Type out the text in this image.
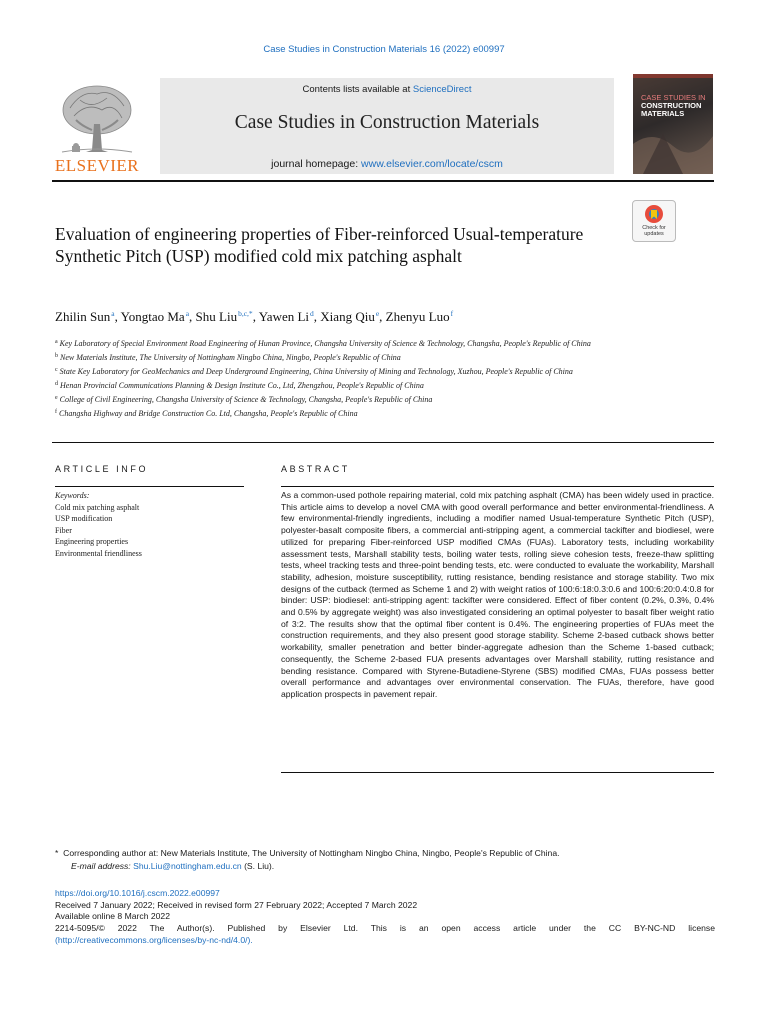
Case Studies in Construction Materials 16 (2022) e00997
ELSEVIER
Contents lists available at ScienceDirect
Case Studies in Construction Materials
journal homepage: www.elsevier.com/locate/cscm
CASE STUDIES IN
CONSTRUCTION MATERIALS
Check for updates
Evaluation of engineering properties of Fiber-reinforced Usual-temperature Synthetic Pitch (USP) modified cold mix patching asphalt
Zhilin Sun$^a$, Yongtao Ma$^a$, Shu Liu$^{b,c,*}$, Yawen Li$^d$, Xiang Qiu$^e$, Zhenyu Luo$^f$
$^a$ Key Laboratory of Special Environment Road Engineering of Hunan Province, Changsha University of Science & Technology, Changsha, People's Republic of China
$^b$ New Materials Institute, The University of Nottingham Ningbo China, Ningbo, People's Republic of China
$^c$ State Key Laboratory for GeoMechanics and Deep Underground Engineering, China University of Mining and Technology, Xuzhou, People's Republic of China
$^d$ Henan Provincial Communications Planning & Design Institute Co., Ltd, Zhengzhou, People's Republic of China
$^e$ College of Civil Engineering, Changsha University of Science & Technology, Changsha, People's Republic of China
$^f$ Changsha Highway and Bridge Construction Co. Ltd, Changsha, People's Republic of China
ARTICLE INFO	ABSTRACT
Keywords:
Cold mix patching asphalt
USP modification
Fiber
Engineering properties
Environmental friendliness
As a common-used pothole repairing material, cold mix patching asphalt (CMA) has been widely used in practice. This article aims to develop a novel CMA with good overall performance and better environmental-friendliness. A few environmental-friendly ingredients, including a modifier named Usual-temperature Synthetic Pitch (USP), polyester-basalt composite fibers, a commercial anti-stripping agent, a commercial tackifter and biodiesel, were utilized for preparing Fiber-reinforced USP modified CMAs (FUAs). Laboratory tests, including workability assessment tests, Marshall stability tests, boiling water tests, rolling sieve cohesion tests, freeze-thaw splitting tests, wheel tracking tests and three-point bending tests, etc. were conducted to evaluate the workability, Marshall stability, adhesion, moisture susceptibility, rutting resistance, bending resistance and storage stability. Two mix designs of the cutback (termed as Scheme 1 and 2) with weight ratios of 100:6:18:0.3:0.6 and 100:6:20:0.4:0.8 for binder: USP: biodiesel: anti-stripping agent: tackifter were considered. Effect of fiber content (0.2%, 0.3%, 0.4% and 0.5% by aggregate weight) was also investigated considering an optimal polyester to basalt fiber weight ratio of 3:2. The results show that the optimal fiber content is 0.4%. The engineering properties of FUAs meet the construction requirements, and they also present good storage stability. Scheme 2-based cutback shows better workability, smaller penetration and better binder-aggregate adhesion than the Scheme 1-based cutback; consequently, the Scheme 2-based FUA presents advantages over Marshall stability, rutting resistance and bending resistance. Compared with Styrene-Butadiene-Styrene (SBS) modified CMAs, FUAs possess better overall performance and advantages over environmental conservation. The FUAs, therefore, have good application prospects in pavement repair.
* Corresponding author at: New Materials Institute, The University of Nottingham Ningbo China, Ningbo, People's Republic of China.
E-mail address: Shu.Liu@nottingham.edu.cn (S. Liu).
https://doi.org/10.1016/j.cscm.2022.e00997
Received 7 January 2022; Received in revised form 27 February 2022; Accepted 7 March 2022
Available online 8 March 2022
2214-5095/© 2022 The Author(s). Published by Elsevier Ltd. This is an open access article under the CC BY-NC-ND license
(http://creativecommons.org/licenses/by-nc-nd/4.0/).
